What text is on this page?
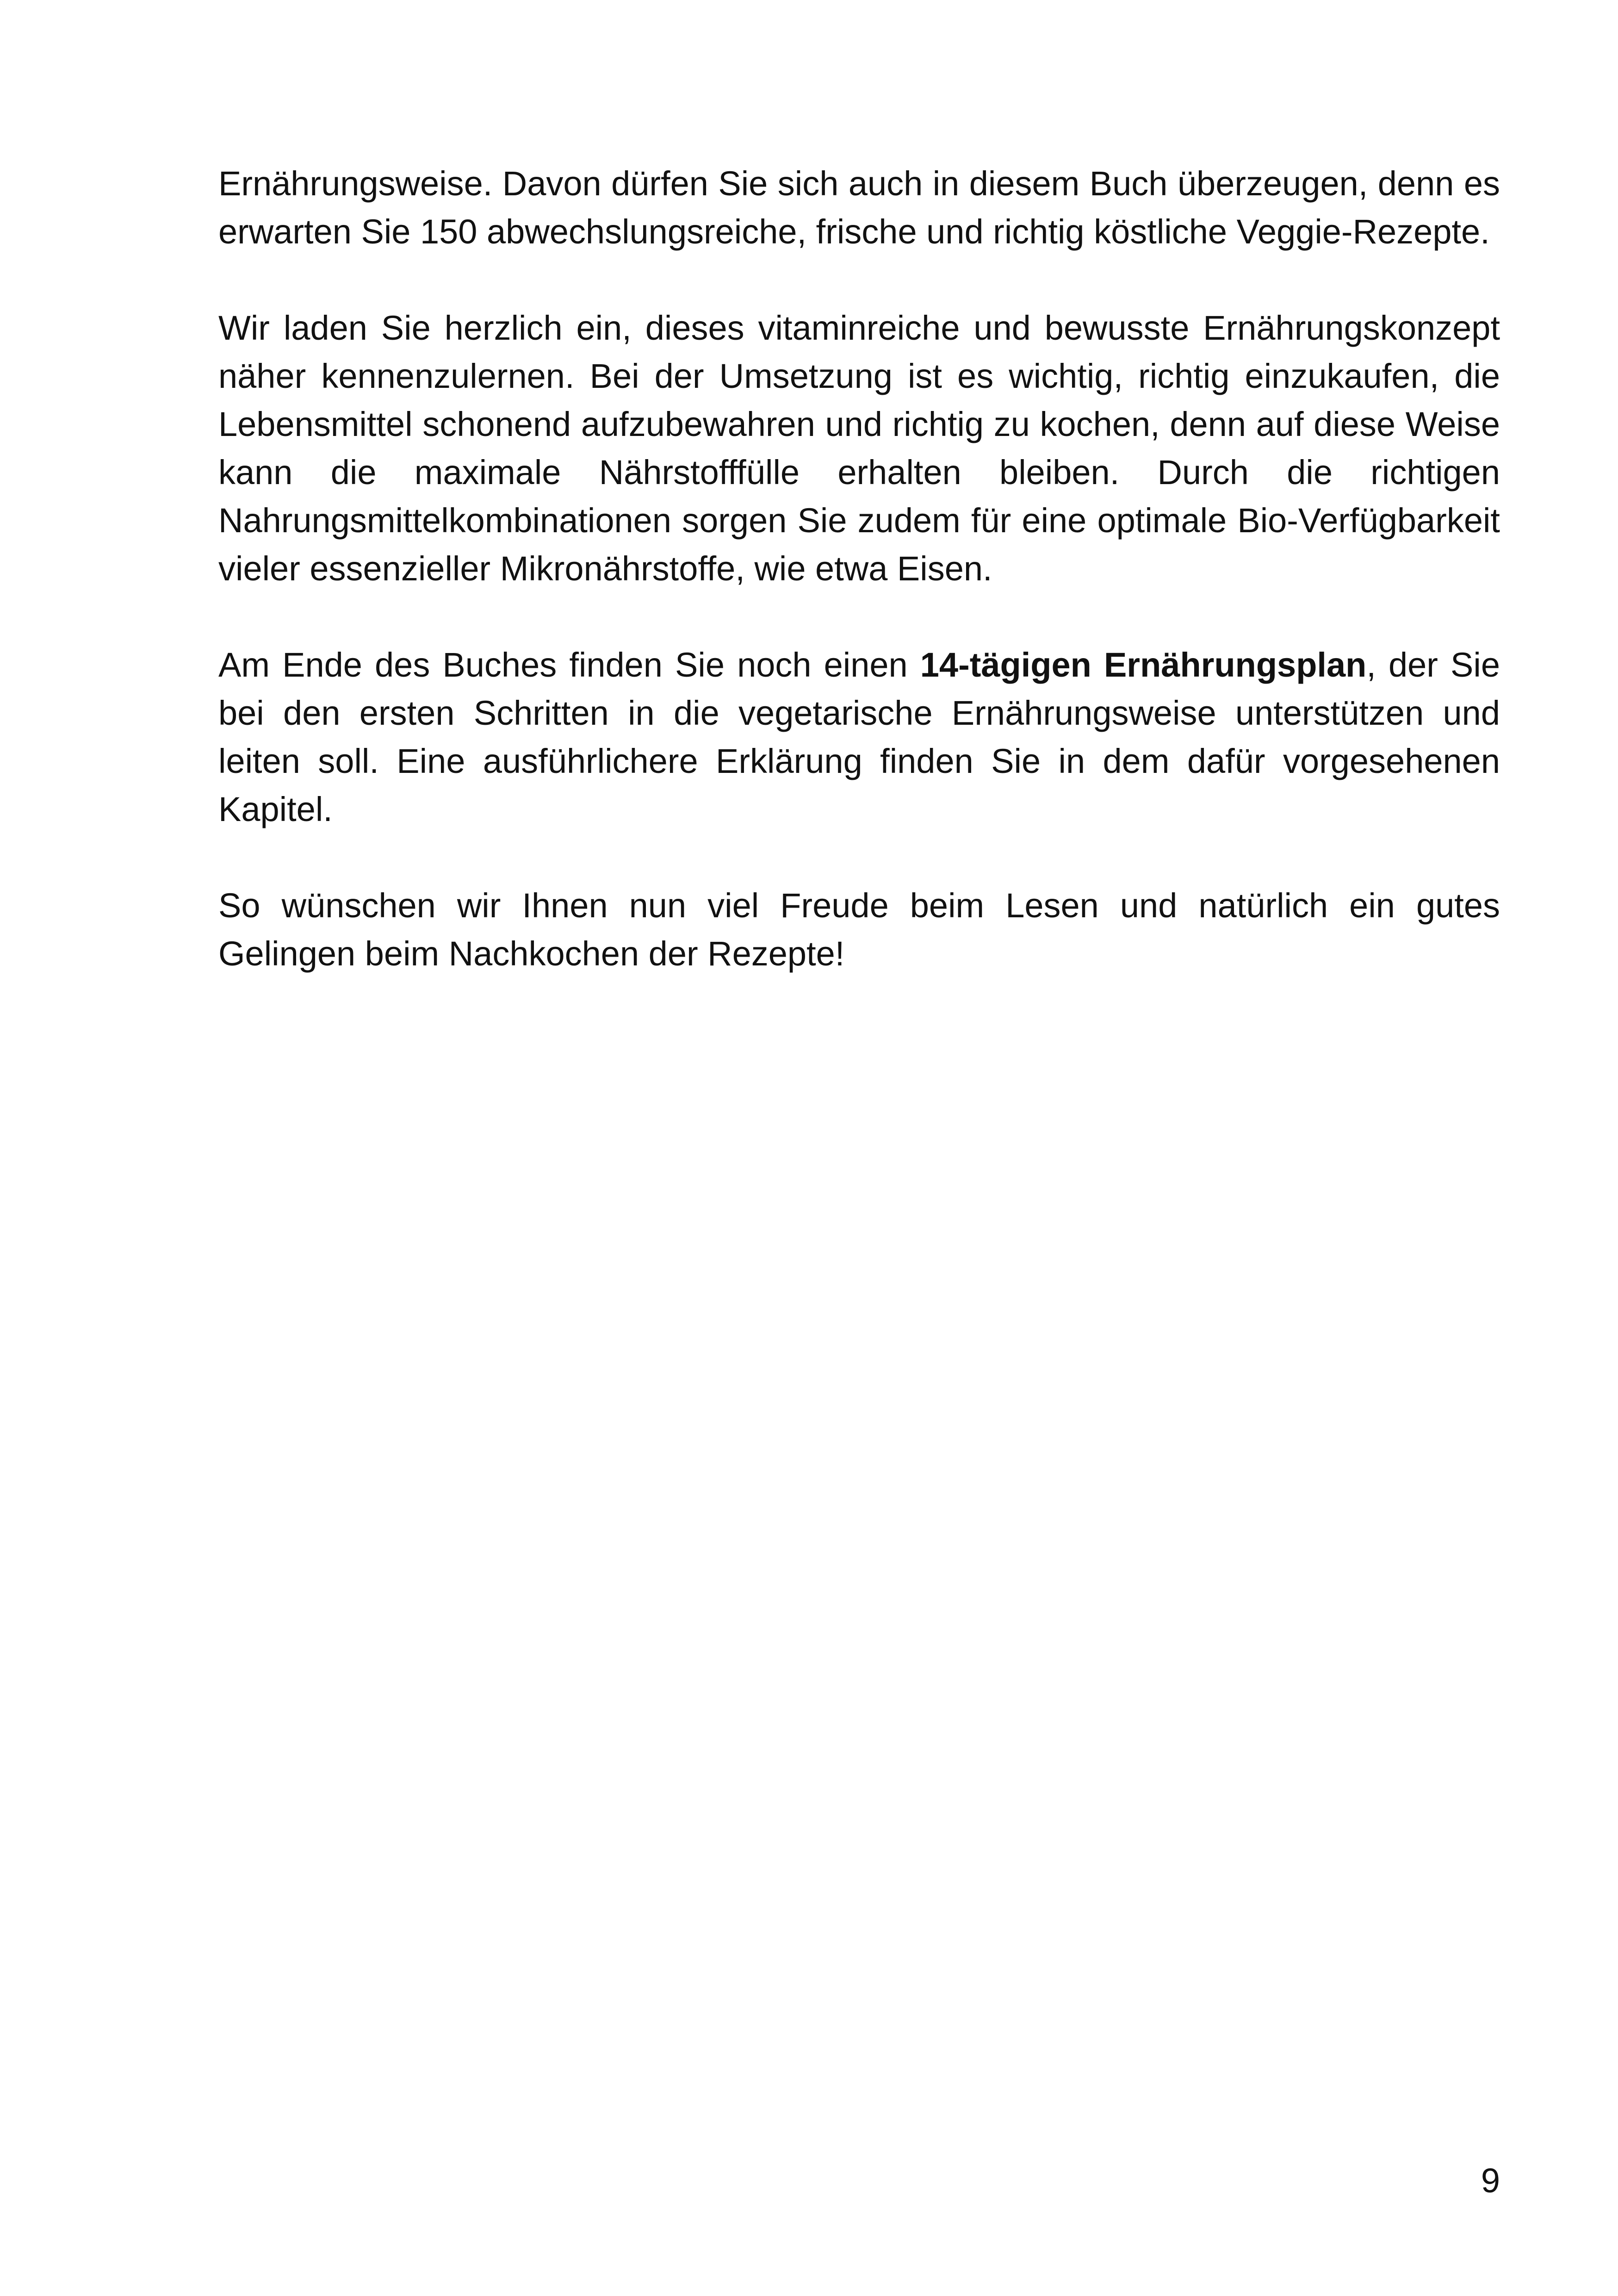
Ernährungsweise. Davon dürfen Sie sich auch in diesem Buch überzeugen, denn es erwarten Sie 150 abwechslungsreiche, frische und richtig köstliche Veggie-Rezepte.

Wir laden Sie herzlich ein, dieses vitaminreiche und bewusste Ernährungskonzept näher kennenzulernen. Bei der Umsetzung ist es wichtig, richtig einzukaufen, die Lebensmittel schonend aufzubewahren und richtig zu kochen, denn auf diese Weise kann die maximale Nährstofffülle erhalten bleiben. Durch die richtigen Nahrungsmittelkombinationen sorgen Sie zudem für eine optimale Bio-Verfügbarkeit vieler essenzieller Mikronährstoffe, wie etwa Eisen.

Am Ende des Buches finden Sie noch einen 14-tägigen Ernährungsplan, der Sie bei den ersten Schritten in die vegetarische Ernährungsweise unterstützen und leiten soll. Eine ausführlichere Erklärung finden Sie in dem dafür vorgesehenen Kapitel.

So wünschen wir Ihnen nun viel Freude beim Lesen und natürlich ein gutes Gelingen beim Nachkochen der Rezepte!

9
